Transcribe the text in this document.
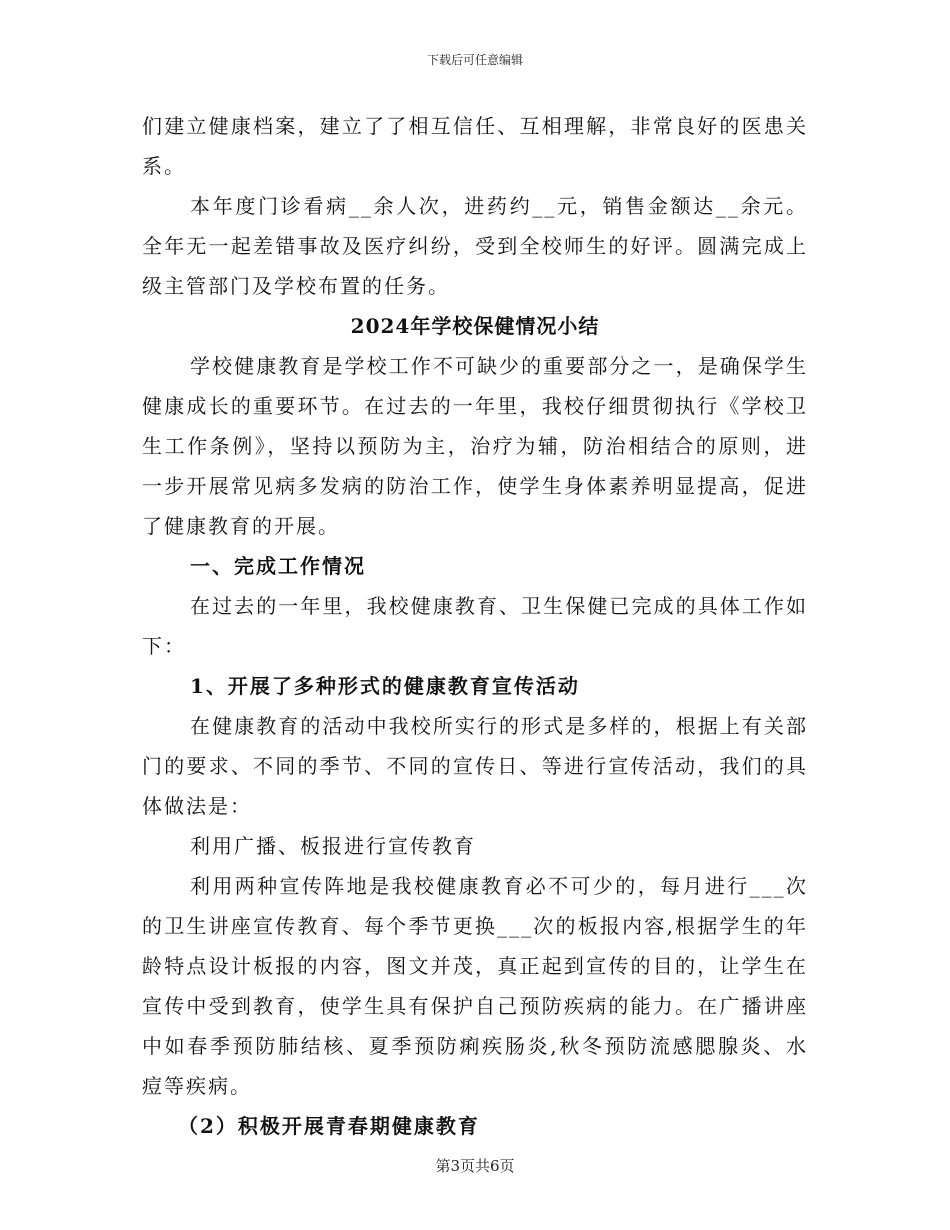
下载后可任意编辑

们建立健康档案，建立了了相互信任、互相理解，非常良好的医患关系。

本年度门诊看病__余人次，进药约__元，销售金额达__余元。全年无一起差错事故及医疗纠纷，受到全校师生的好评。圆满完成上级主管部门及学校布置的任务。

2024年学校保健情况小结

学校健康教育是学校工作不可缺少的重要部分之一，是确保学生健康成长的重要环节。在过去的一年里，我校仔细贯彻执行《学校卫生工作条例》，坚持以预防为主，治疗为辅，防治相结合的原则，进一步开展常见病多发病的防治工作，使学生身体素养明显提高，促进了健康教育的开展。

一、完成工作情况

在过去的一年里，我校健康教育、卫生保健已完成的具体工作如下：

1、开展了多种形式的健康教育宣传活动

在健康教育的活动中我校所实行的形式是多样的，根据上有关部门的要求、不同的季节、不同的宣传日、等进行宣传活动，我们的具体做法是：

利用广播、板报进行宣传教育

利用两种宣传阵地是我校健康教育必不可少的，每月进行___次的卫生讲座宣传教育、每个季节更换___次的板报内容,根据学生的年龄特点设计板报的内容，图文并茂，真正起到宣传的目的，让学生在宣传中受到教育，使学生具有保护自己预防疾病的能力。在广播讲座中如春季预防肺结核、夏季预防痢疾肠炎,秋冬预防流感腮腺炎、水痘等疾病。

（2）积极开展青春期健康教育

第3页共6页
